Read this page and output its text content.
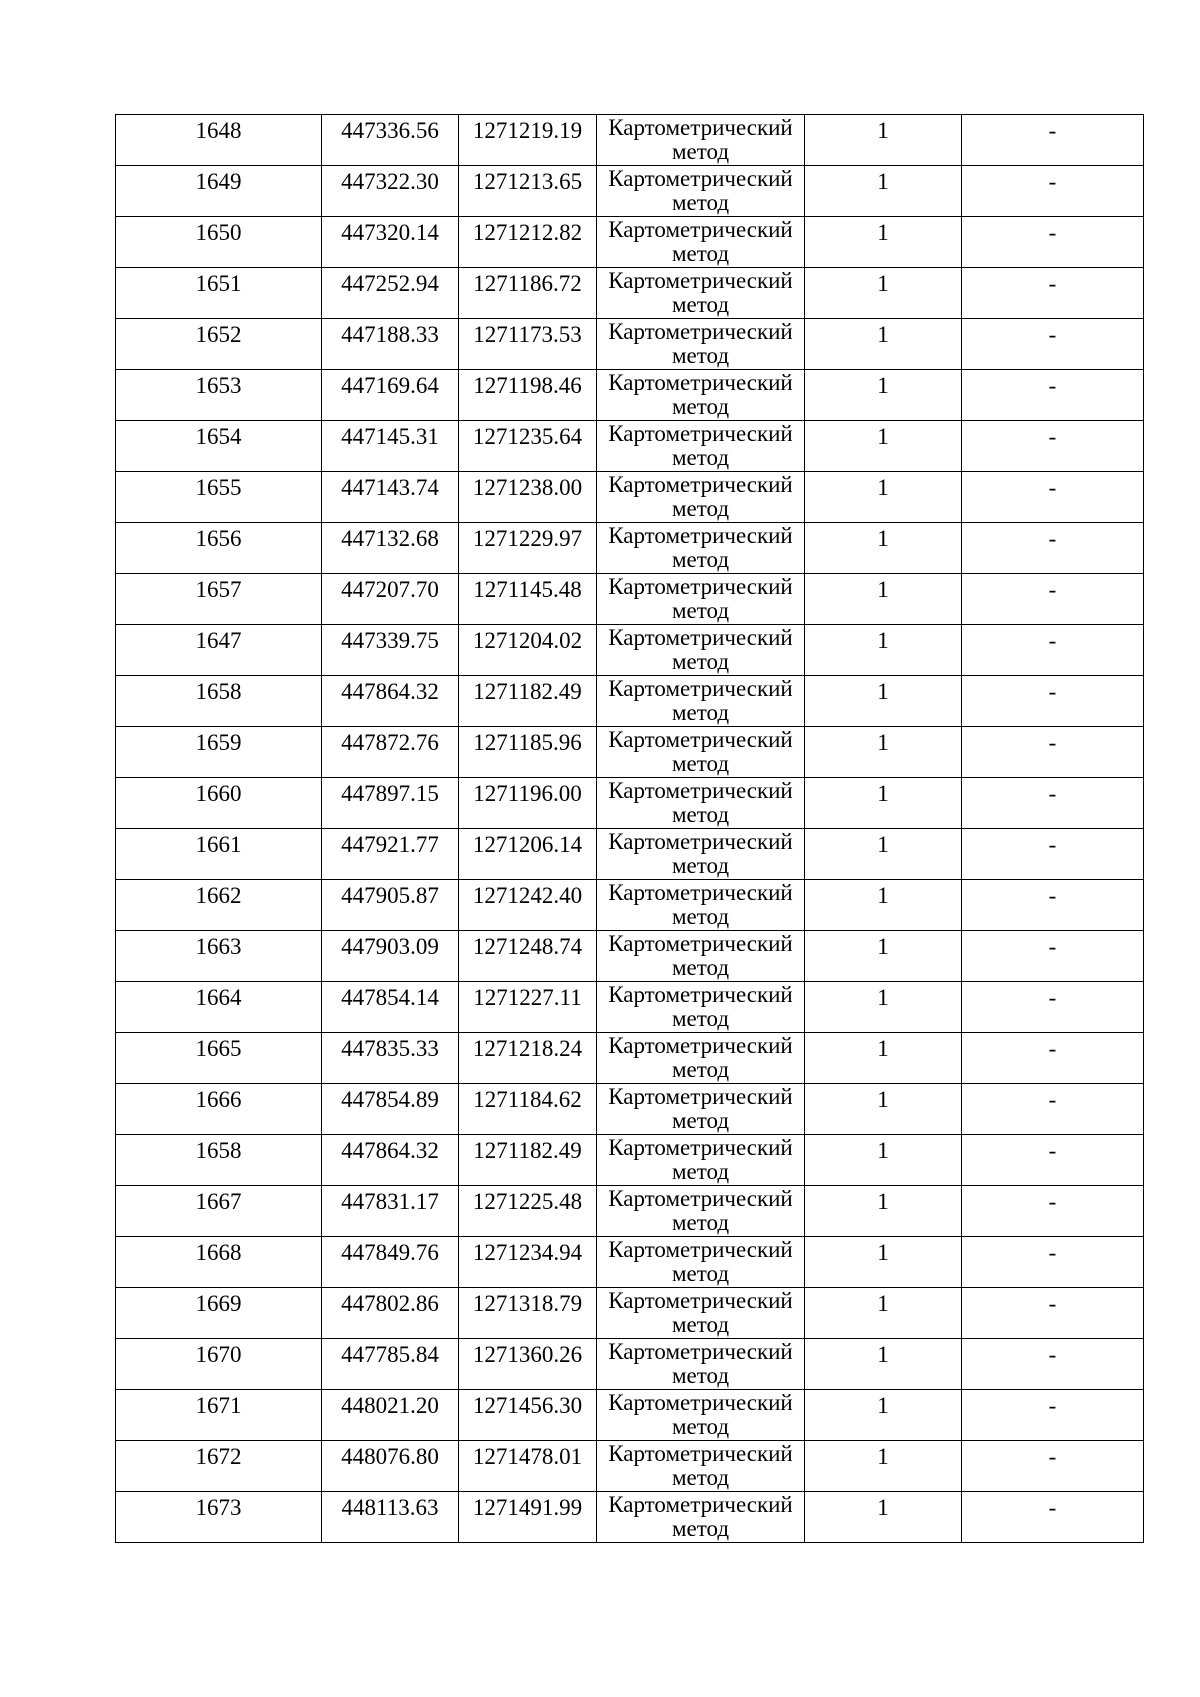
1648	447336.56	1271219.19	Картометрический метод	1	-

1649	447322.30	1271213.65	Картометрический метод	1	-

1650	447320.14	1271212.82	Картометрический метод	1	-

1651	447252.94	1271186.72	Картометрический метод	1	-

1652	447188.33	1271173.53	Картометрический метод	1	-

1653	447169.64	1271198.46	Картометрический метод	1	-

1654	447145.31	1271235.64	Картометрический метод	1	-

1655	447143.74	1271238.00	Картометрический метод	1	-

1656	447132.68	1271229.97	Картометрический метод	1	-

1657	447207.70	1271145.48	Картометрический метод	1	-

1647	447339.75	1271204.02	Картометрический метод	1	-

1658	447864.32	1271182.49	Картометрический метод	1	-

1659	447872.76	1271185.96	Картометрический метод	1	-

1660	447897.15	1271196.00	Картометрический метод	1	-

1661	447921.77	1271206.14	Картометрический метод	1	-

1662	447905.87	1271242.40	Картометрический метод	1	-

1663	447903.09	1271248.74	Картометрический метод	1	-

1664	447854.14	1271227.11	Картометрический метод	1	-

1665	447835.33	1271218.24	Картометрический метод	1	-

1666	447854.89	1271184.62	Картометрический метод	1	-

1658	447864.32	1271182.49	Картометрический метод	1	-

1667	447831.17	1271225.48	Картометрический метод	1	-

1668	447849.76	1271234.94	Картометрический метод	1	-

1669	447802.86	1271318.79	Картометрический метод	1	-

1670	447785.84	1271360.26	Картометрический метод	1	-

1671	448021.20	1271456.30	Картометрический метод	1	-

1672	448076.80	1271478.01	Картометрический метод	1	-

1673	448113.63	1271491.99	Картометрический метод	1	-
